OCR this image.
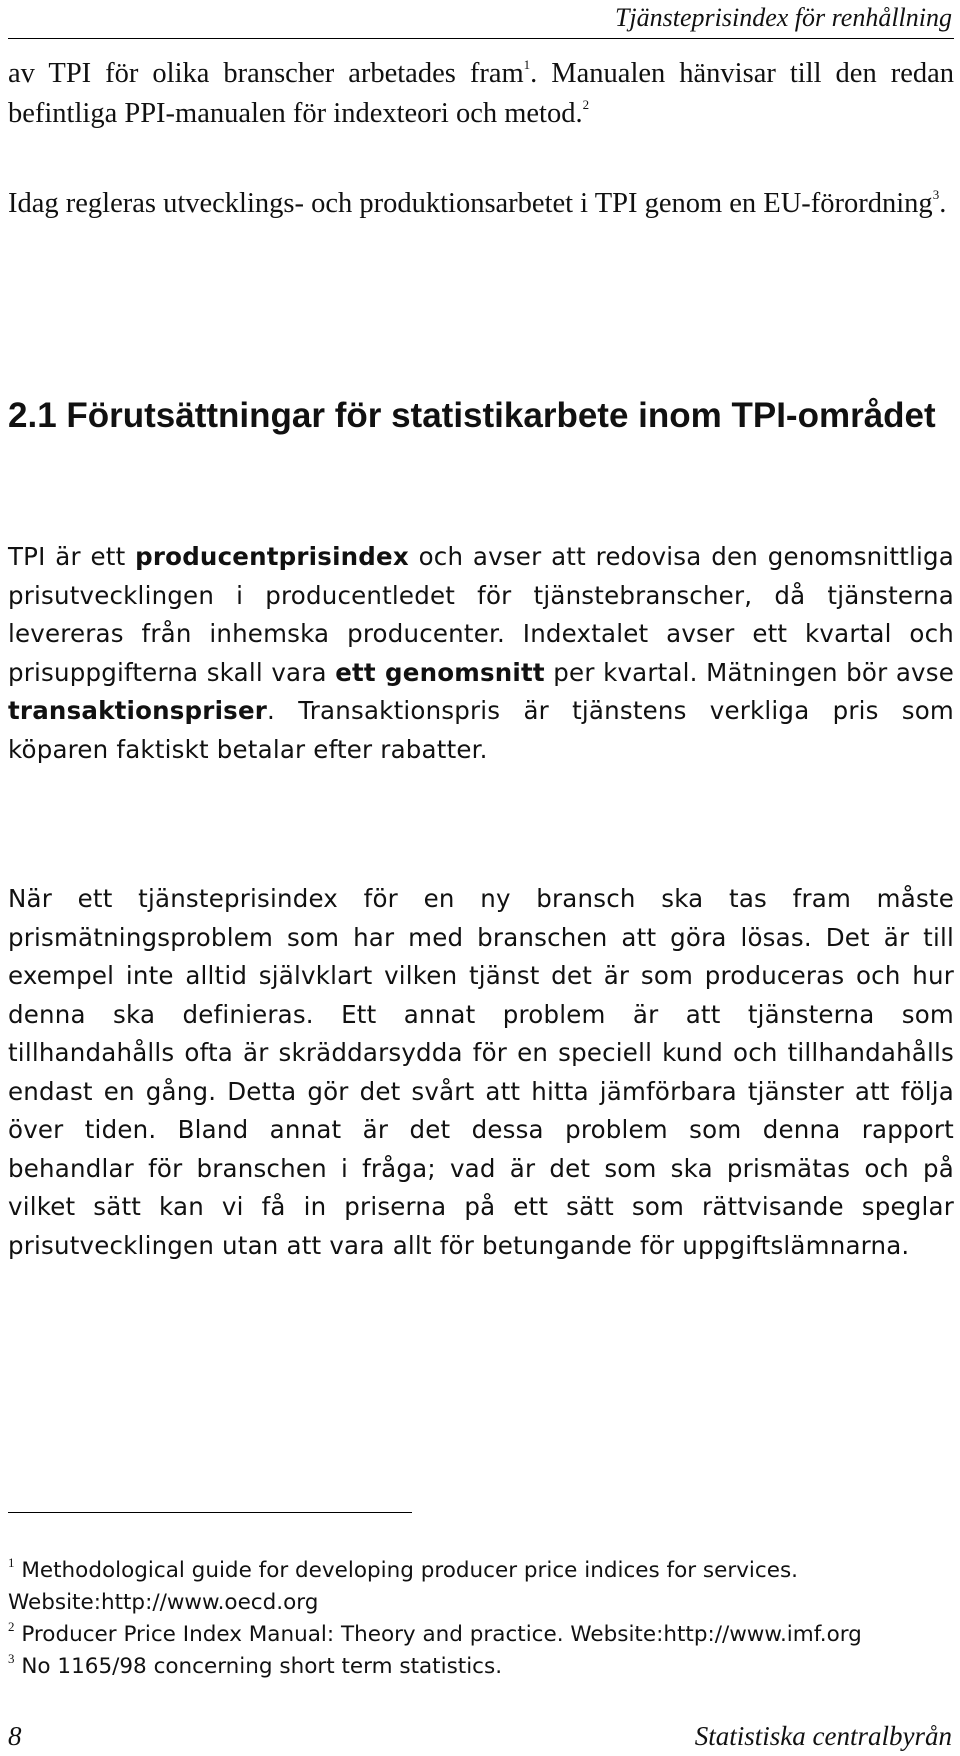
Tjänsteprisindex för renhållning
av TPI för olika branscher arbetades fram$^1$. Manualen hänvisar till den redan befintliga PPI-manualen för indexteori och metod.$^2$
Idag regleras utvecklings- och produktionsarbetet i TPI genom en EU-förordning$^3$.
2.1 Förutsättningar för statistikarbete inom TPI-området
TPI är ett producentprisindex och avser att redovisa den genomsnittliga prisutvecklingen i producentledet för tjänstebranscher, då tjänsterna levereras från inhemska producenter. Indextalet avser ett kvartal och prisuppgifterna skall vara ett genomsnitt per kvartal. Mätningen bör avse transaktionspriser. Transaktionspris är tjänstens verkliga pris som köparen faktiskt betalar efter rabatter.
När ett tjänsteprisindex för en ny bransch ska tas fram måste prismätningsproblem som har med branschen att göra lösas. Det är till exempel inte alltid självklart vilken tjänst det är som produceras och hur denna ska definieras. Ett annat problem är att tjänsterna som tillhandahålls ofta är skräddarsydda för en speciell kund och tillhandahålls endast en gång. Detta gör det svårt att hitta jämförbara tjänster att följa över tiden. Bland annat är det dessa problem som denna rapport behandlar för branschen i fråga; vad är det som ska prismätas och på vilket sätt kan vi få in priserna på ett sätt som rättvisande speglar prisutvecklingen utan att vara allt för betungande för uppgiftslämnarna.
$^1$ Methodological guide for developing producer price indices for services. Website:http://www.oecd.org
$^2$ Producer Price Index Manual: Theory and practice. Website:http://www.imf.org
$^3$ No 1165/98 concerning short term statistics.
8	Statistiska centralbyrån
